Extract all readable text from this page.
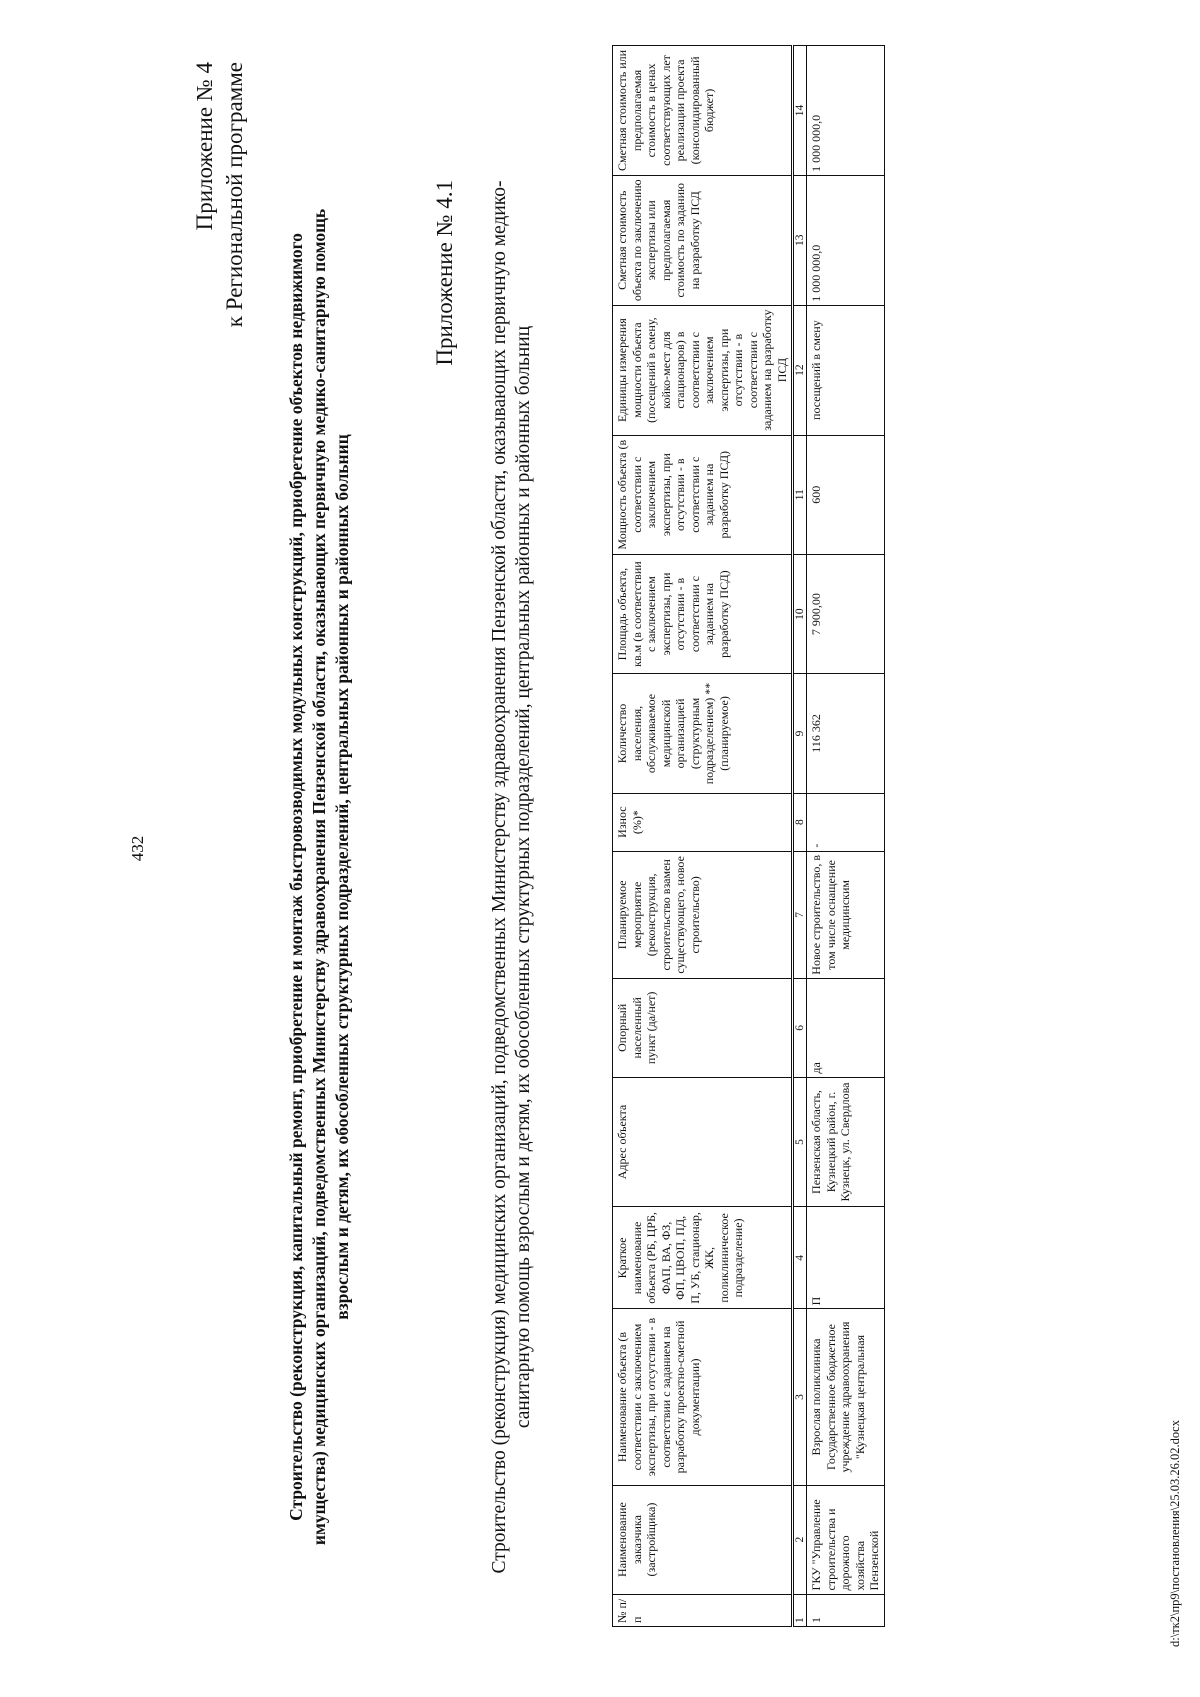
432
Приложение № 4 к Региональной программе
Строительство (реконструкция, капитальный ремонт, приобретение и монтаж быстровозводимых модульных конструкций, приобретение объектов недвижимого имущества) медицинских организаций, подведомственных Министерству здравоохранения Пензенской области, оказывающих первичную медико-санитарную помощь взрослым и детям, их обособленных структурных подразделений, центральных районных и районных больниц
Приложение № 4.1 Строительство (реконструкция) медицинских организаций, подведомственных Министерству здравоохранения Пензенской области, оказывающих первичную медико-санитарную помощь взрослым и детям, их обособленных структурных подразделений, центральных районных и районных больниц
№ п/п	Наименование заказчика (застройщика)	Наименование объекта (в соответствии с заключением экспертизы, при отсутствии - в соответствии с заданием на разработку проектно-сметной документации)	Краткое наименование объекта (РБ, ЦРБ, ФАП, ВА, ФЗ, ФП, ЦВОП, ПД, П, УБ, стационар, ЖК, поликлиническое подразделение)	Адрес объекта	Опорный населенный пункт (да/нет)	Планируемое мероприятие (реконструкция, строительство взамен существующего, новое строительство)	Износ (%)*	Количество населения, обслуживаемое медицинской организацией (структурным подразделением) ** (планируемое)	Площадь объекта, кв.м (в соответствии с заключением экспертизы, при отсутствии - в соответствии с заданием на разработку ПСД)	Мощность объекта (в соответствии с заключением экспертизы, при отсутствии - в соответствии с заданием на разработку ПСД)	Единицы измерения мощности объекта (посещений в смену, койко-мест для стационаров) в соответствии с заключением экспертизы, при отсутствии - в соответствии с заданием на разработку ПСД	Сметная стоимость объекта по заключению экспертизы или предполагаемая стоимость по заданию на разработку ПСД	Сметная стоимость или предполагаемая стоимость в ценах соответствующих лет реализации проекта (консолидированный бюджет)
1	2	3	4	5	6	7	8	9	10	11	12	13	14
1	ГКУ "Управление строительства и дорожного хозяйства Пензенской	Взрослая поликлиника Государственное бюджетное учреждение здравоохранения "Кузнецкая центральная	П	Пензенская область, Кузнецкий район, г. Кузнецк, ул. Свердлова	да	Новое строительство, в том числе оснащение медицинским	-	116 362	7 900,00	600	посещений в смену	1 000 000,0	1 000 000,0
d:\тк2\пр9\постановления\25.03.26.02.docx
